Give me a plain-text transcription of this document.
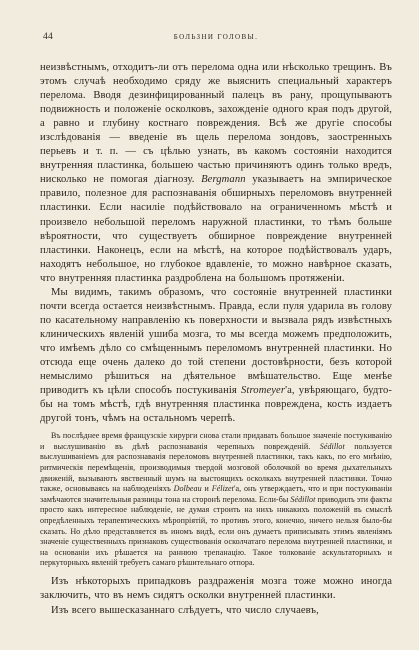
44	БОЛЬЗНИ ГОЛОВЫ.

неизвѣстнымъ, отходитъ-ли отъ перелома одна или нѣсколько трещинъ. Въ этомъ случаѣ необходимо сряду же выяснить специальный характеръ перелома. Вводя дезинфицированный палецъ въ рану, прощупываютъ подвижность и положеніе осколковъ, захожденіе одного края подъ другой, а равно и глубину костнаго повреждения. Всѣ же другіе способы изслѣдованія — введеніе въ щель перелома зондовъ, заостренныхъ перьевъ и т. п. — съ цѣлью узнать, въ какомъ состояніи находится внутренняя пластинка, большею частью причиняютъ одинъ только вредъ, нисколько не помогая діагнозу. Bergmann указываетъ на эмпирическое правило, полезное для распознаванія обширныхъ переломовъ внутренней пластинки. Если насиліе подѣйствовало на ограниченномъ мѣстѣ и произвело небольшой переломъ наружной пластинки, то тѣмъ больше вѣроятности, что существуетъ обширное повреждение внутренней пластинки. Наконецъ, если на мѣстѣ, на которое подѣйствовалъ ударъ, находятъ небольшое, но глубокое вдавленіе, то можно навѣрное сказать, что внутренняя пластинка раздроблена на большомъ протяженіи.

Мы видимъ, такимъ образомъ, что состояніе внутренней пластинки почти всегда остается неизвѣстнымъ. Правда, если пуля ударила въ голову по касательному направленію къ поверхности и вызвала рядъ извѣстныхъ клиническихъ явленій ушиба мозга, то мы всегда можемъ предположить, что имѣемъ дѣло со смѣщеннымъ переломомъ внутренней пластинки. Но отсюда еще очень далеко до той степени достовѣрности, безъ которой немыслимо рѣшиться на дѣятельное вмѣшательство. Еще менѣе приводитъ къ цѣли способъ постукиванія Stromeyer'a, увѣряющаго, будто-бы на томъ мѣстѣ, гдѣ внутренняя пластинка повреждена, кость издаетъ другой тонъ, чѣмъ на остальномъ черепѣ.

Въ послѣднее время французскіе хирурги снова стали придавать большое значеніе постукиванію и выслушиванію въ дѣлѣ распознаванія черепныхъ поврежденій. Sédillot пользуется выслушиваніемъ для распознаванія переломовъ внутренней пластинки, такъ какъ, по его мнѣнію, ритмическія перемѣщенія, производимыя твердой мозговой оболочкой во время дыхательныхъ движеній, вызываютъ явственный шумъ на выстоящихъ осколкахъ внутренней пластинки. Точно также, основываясь на наблюденіяхъ Dolbeau и Félizet'а, онъ утверждаетъ, что и при постукиваніи замѣчаются значительныя разницы тона на сторонѣ перелома. Если-бы Sédillot приводилъ эти факты просто какъ интересное наблюденіе, не думая строить на нихъ никакихъ положеній въ смыслѣ опредѣленныхъ терапевтическихъ мѣропріятій, то противъ этого, конечно, ничего нельзя было-бы сказать. Но дѣло представляется въ иномъ видѣ, если онъ думаетъ приписывать этимъ явленіямъ значеніе существенныхъ признаковъ существованія осколчатаго перелома внутренней пластинки, и на основаніи ихъ рѣшается на раннюю трепанацію. Такое толкованіе аскультаторныхъ и перкуторныхъ явленій требуетъ самаго рѣшительнаго отпора.

Изъ нѣкоторыхъ припадковъ раздраженія мозга тоже можно иногда заключить, что въ немъ сидятъ осколки внутренней пластинки.

Изъ всего вышесказаннаго слѣдуетъ, что число случаевъ,
